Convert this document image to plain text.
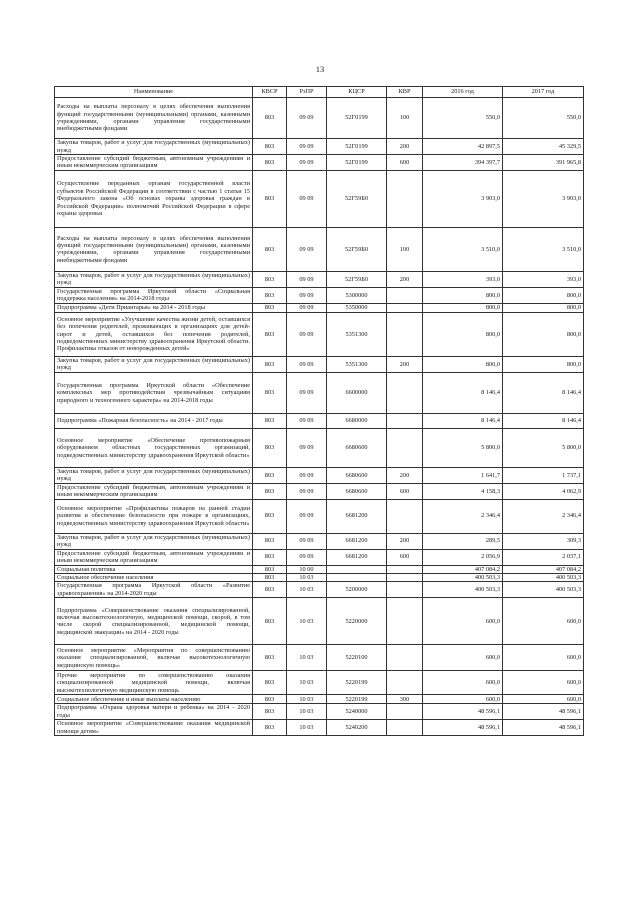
13
Наименование	КВСР	РзПР	КЦСР	КВР	2016 год	2017 год
Расходы на выплаты персоналу в целях обеспечения выполнения функций государственными (муниципальными) органами, казенными учреждениями, органами управления государственными внебюджетными фондами	803	09 09	52Г0199	100	550,0	550,0
Закупка товаров, работ и услуг для государственных (муниципальных) нужд	803	09 09	52Г0199	200	42 897,5	45 329,5
Предоставление субсидий бюджетным, автономным учреждениям и иным некоммерческим организациям	803	09 09	52Г0199	600	394 397,7	391 965,8
Осуществление переданных органам государственной власти субъектов Российской Федерации в соответствии с частью 1 статьи 15 Федерального закона «Об основах охраны здоровья граждан в Российской Федерации» полномочий Российской Федерации в сфере охраны здоровья	803	09 09	52Г59Б0		3 903,0	3 903,0
Расходы на выплаты персоналу в целях обеспечения выполнения функций государственными (муниципальными) органами, казенными учреждениями, органами управления государственными внебюджетными фондами	803	09 09	52Г59Б0	100	3 510,0	3 510,0
Закупка товаров, работ и услуг для государственных (муниципальных) нужд	803	09 09	52Г59Б0	200	393,0	393,0
Государственная программа Иркутской области «Социальная поддержка населения» на 2014-2018 годы	803	09 09	5300000		800,0	800,0
Подпрограмма «Дети Приангарья» на 2014 - 2018 годы	803	09 09	5350000		800,0	800,0
Основное мероприятие «Улучшение качества жизни детей, оставшихся без попечения родителей, проживающих в организациях для детей-сирот и детей, оставшихся без попечения родителей, подведомственных министерству здравоохранения Иркутской области. Профилактика отказов от новорожденных детей»	803	09 09	5351300		800,0	800,0
Закупка товаров, работ и услуг для государственных (муниципальных) нужд	803	09 09	5351300	200	800,0	800,0
Государственная программа Иркутской области «Обеспечение комплексных мер противодействия чрезвычайным ситуациям природного и техногенного характера» на 2014-2018 годы	803	09 09	6600000		8 146,4	8 146,4
Подпрограмма «Пожарная безопасность» на 2014 - 2017 годы	803	09 09	6680000		8 146,4	8 146,4
Основное мероприятие «Обеспечение противопожарным оборудованием областных государственных организаций, подведомственных министерству здравоохранения Иркутской области»	803	09 09	6680600		5 800,0	5 800,0
Закупка товаров, работ и услуг для государственных (муниципальных) нужд	803	09 09	6680600	200	1 641,7	1 737,1
Предоставление субсидий бюджетным, автономным учреждениям и иным некоммерческим организациям	803	09 09	6680600	600	4 158,3	4 062,9
Основное мероприятие «Профилактика пожаров на ранней стадии развития и обеспечение безопасности при пожаре в организациях, подведомственных министерству здравоохранения Иркутской области»	803	09 09	6681200		2 346,4	2 346,4
Закупка товаров, работ и услуг для государственных (муниципальных) нужд	803	09 09	6681200	200	289,5	309,3
Предоставление субсидий бюджетным, автономным учреждениям и иным некоммерческим организациям	803	09 09	6681200	600	2 056,9	2 037,1
Социальная политика	803	10 00			407 084,2	407 084,2
Социальное обеспечение населения	803	10 03			400 503,3	400 503,3
Государственная программа Иркутской области «Развитие здравоохранения» на 2014-2020 годы	803	10 03	5200000		400 503,3	400 503,3
Подпрограмма «Совершенствование оказания специализированной, включая высокотехнологичную, медицинской помощи, скорой, в том числе скорой специализированной, медицинской помощи, медицинской эвакуации» на 2014 - 2020 годы	803	10 03	5220000		600,0	600,0
Основное мероприятие «Мероприятия по совершенствованию оказания специализированной, включая высокотехнологичную медицинскую помощь»	803	10 03	5220100		600,0	600,0
Прочие мероприятия по совершенствованию оказания специализированной медицинской помощи, включая высокотехнологичную медицинскую помощь	803	10 03	5220199		600,0	600,0
Социальное обеспечение и иные выплаты населению	803	10 03	5220199	300	600,0	600,0
Подпрограмма «Охрана здоровья матери и ребенка» на 2014 - 2020 годы	803	10 03	5240000		48 596,1	48 596,1
Основное мероприятие «Совершенствование оказания медицинской помощи детям»	803	10 03	5240200		48 596,1	48 596,1
